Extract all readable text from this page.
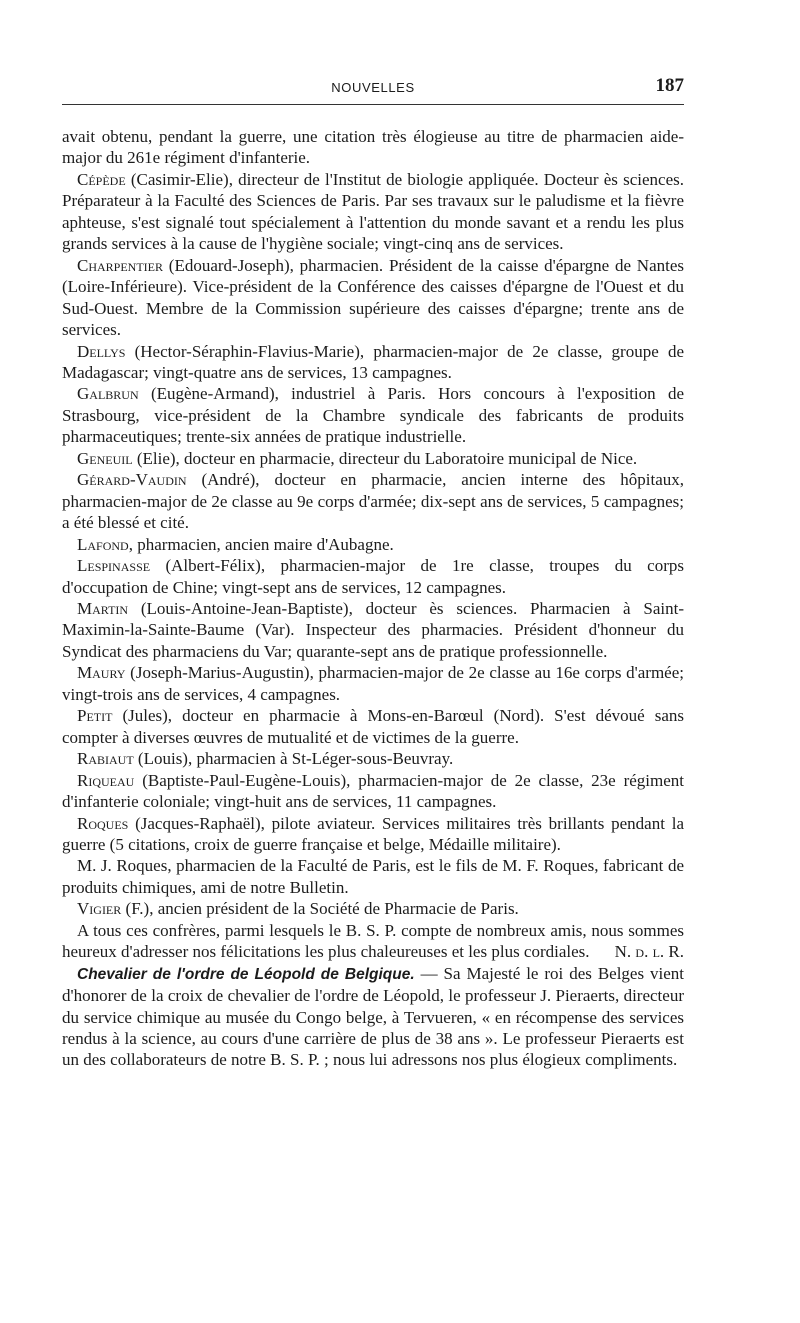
NOUVELLES	187

avait obtenu, pendant la guerre, une citation très élogieuse au titre de pharmacien aide-major du 261e régiment d'infanterie.

Cépède (Casimir-Elie), directeur de l'Institut de biologie appliquée. Docteur ès sciences. Préparateur à la Faculté des Sciences de Paris. Par ses travaux sur le paludisme et la fièvre aphteuse, s'est signalé tout spécialement à l'attention du monde savant et a rendu les plus grands services à la cause de l'hygiène sociale; vingt-cinq ans de services.

Charpentier (Edouard-Joseph), pharmacien. Président de la caisse d'épargne de Nantes (Loire-Inférieure). Vice-président de la Conférence des caisses d'épargne de l'Ouest et du Sud-Ouest. Membre de la Commission supérieure des caisses d'épargne; trente ans de services.

Dellys (Hector-Séraphin-Flavius-Marie), pharmacien-major de 2e classe, groupe de Madagascar; vingt-quatre ans de services, 13 campagnes.

Galbrun (Eugène-Armand), industriel à Paris. Hors concours à l'exposition de Strasbourg, vice-président de la Chambre syndicale des fabricants de produits pharmaceutiques; trente-six années de pratique industrielle.

Geneuil (Elie), docteur en pharmacie, directeur du Laboratoire municipal de Nice.

Gérard-Vaudin (André), docteur en pharmacie, ancien interne des hôpitaux, pharmacien-major de 2e classe au 9e corps d'armée; dix-sept ans de services, 5 campagnes; a été blessé et cité.

Lafond, pharmacien, ancien maire d'Aubagne.

Lespinasse (Albert-Félix), pharmacien-major de 1re classe, troupes du corps d'occupation de Chine; vingt-sept ans de services, 12 campagnes.

Martin (Louis-Antoine-Jean-Baptiste), docteur ès sciences. Pharmacien à Saint-Maximin-la-Sainte-Baume (Var). Inspecteur des pharmacies. Président d'honneur du Syndicat des pharmaciens du Var; quarante-sept ans de pratique professionnelle.

Maury (Joseph-Marius-Augustin), pharmacien-major de 2e classe au 16e corps d'armée; vingt-trois ans de services, 4 campagnes.

Petit (Jules), docteur en pharmacie à Mons-en-Barœul (Nord). S'est dévoué sans compter à diverses œuvres de mutualité et de victimes de la guerre.

Rabiaut (Louis), pharmacien à St-Léger-sous-Beuvray.

Riqueau (Baptiste-Paul-Eugène-Louis), pharmacien-major de 2e classe, 23e régiment d'infanterie coloniale; vingt-huit ans de services, 11 campagnes.

Roques (Jacques-Raphaël), pilote aviateur. Services militaires très brillants pendant la guerre (5 citations, croix de guerre française et belge, Médaille militaire).

M. J. Roques, pharmacien de la Faculté de Paris, est le fils de M. F. Roques, fabricant de produits chimiques, ami de notre Bulletin.

Vigier (F.), ancien président de la Société de Pharmacie de Paris.

A tous ces confrères, parmi lesquels le B. S. P. compte de nombreux amis, nous sommes heureux d'adresser nos félicitations les plus chaleureuses et les plus cordiales.	N. d. l. R.

Chevalier de l'ordre de Léopold de Belgique. — Sa Majesté le roi des Belges vient d'honorer de la croix de chevalier de l'ordre de Léopold, le professeur J. Pieraerts, directeur du service chimique au musée du Congo belge, à Tervueren, « en récompense des services rendus à la science, au cours d'une carrière de plus de 38 ans ». Le professeur Pieraerts est un des collaborateurs de notre B. S. P. ; nous lui adressons nos plus élogieux compliments.
